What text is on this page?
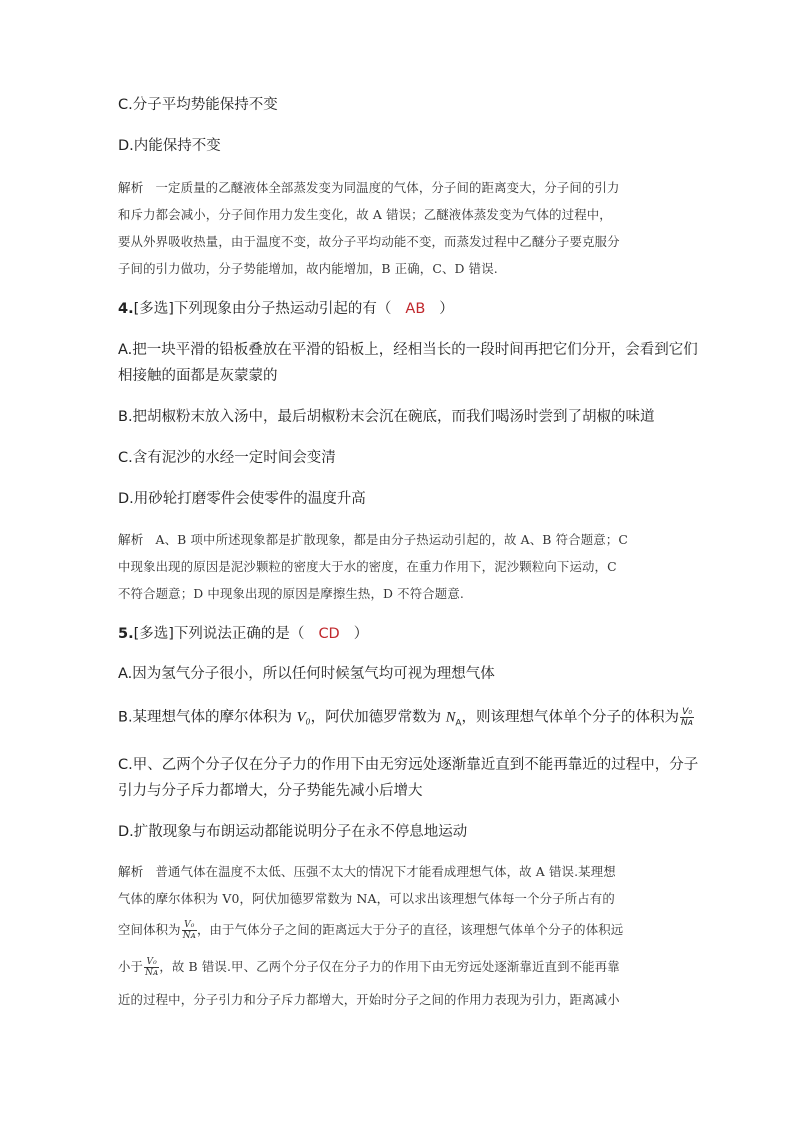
C.分子平均势能保持不变
D.内能保持不变
解析 一定质量的乙醚液体全部蒸发变为同温度的气体，分子间的距离变大，分子间的引力
和斥力都会减小，分子间作用力发生变化，故 A 错误；乙醚液体蒸发变为气体的过程中，
要从外界吸收热量，由于温度不变，故分子平均动能不变，而蒸发过程中乙醚分子要克服分
子间的引力做功，分子势能增加，故内能增加，B 正确，C、D 错误.
4.[多选]下列现象由分子热运动引起的有（ AB ）
A.把一块平滑的铅板叠放在平滑的铅板上，经相当长的一段时间再把它们分开，会看到它们
相接触的面都是灰蒙蒙的
B.把胡椒粉末放入汤中，最后胡椒粉末会沉在碗底，而我们喝汤时尝到了胡椒的味道
C.含有泥沙的水经一定时间会变清
D.用砂轮打磨零件会使零件的温度升高
解析 A、B 项中所述现象都是扩散现象，都是由分子热运动引起的，故 A、B 符合题意；C
中现象出现的原因是泥沙颗粒的密度大于水的密度，在重力作用下，泥沙颗粒向下运动，C
不符合题意；D 中现象出现的原因是摩擦生热，D 不符合题意.
5.[多选]下列说法正确的是（ CD ）
A.因为氢气分子很小，所以任何时候氢气均可视为理想气体
B.某理想气体的摩尔体积为 V₀，阿伏加德罗常数为 $N_A$，则该理想气体单个分子的体积为 $\frac{\text{V₀}}{\text{Nᴀ}}$
C.甲、乙两个分子仅在分子力的作用下由无穷远处逐渐靠近直到不能再靠近的过程中，分子
引力与分子斥力都增大，分子势能先减小后增大
D.扩散现象与布朗运动都能说明分子在永不停息地运动
解析 普通气体在温度不太低、压强不太大的情况下才能看成理想气体，故 A 错误.某理想
气体的摩尔体积为 V0，阿伏加德罗常数为 NA，可以求出该理想气体每一个分子所占有的
空间体积为 $\frac{\text{V₀}}{\text{Nᴀ}}$ ，由于气体分子之间的距离远大于分子的直径，该理想气体单个分子的体积远
小于 $\frac{\text{V₀}}{\text{Nᴀ}}$ ，故 B 错误.甲、乙两个分子仅在分子力的作用下由无穷远处逐渐靠近直到不能再靠
近的过程中，分子引力和分子斥力都增大，开始时分子之间的作用力表现为引力，距离减小
